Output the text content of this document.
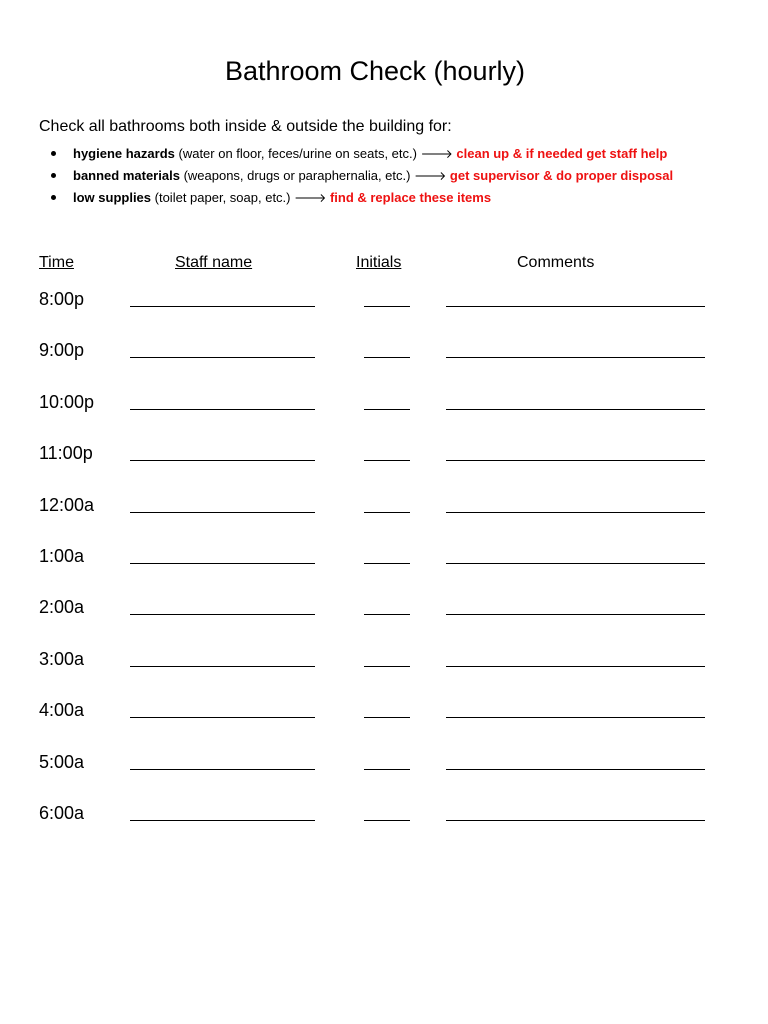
Bathroom Check (hourly)
Check all bathrooms both inside & outside the building for:
hygiene hazards (water on floor, feces/urine on seats, etc.) 🡒 clean up & if needed get staff help
banned materials (weapons, drugs or paraphernalia, etc.) 🡒 get supervisor & do proper disposal
low supplies (toilet paper, soap, etc.) 🡒 find & replace these items
Time	Staff name	Initials	Comments
8:00p
9:00p
10:00p
11:00p
12:00a
1:00a
2:00a
3:00a
4:00a
5:00a
6:00a
